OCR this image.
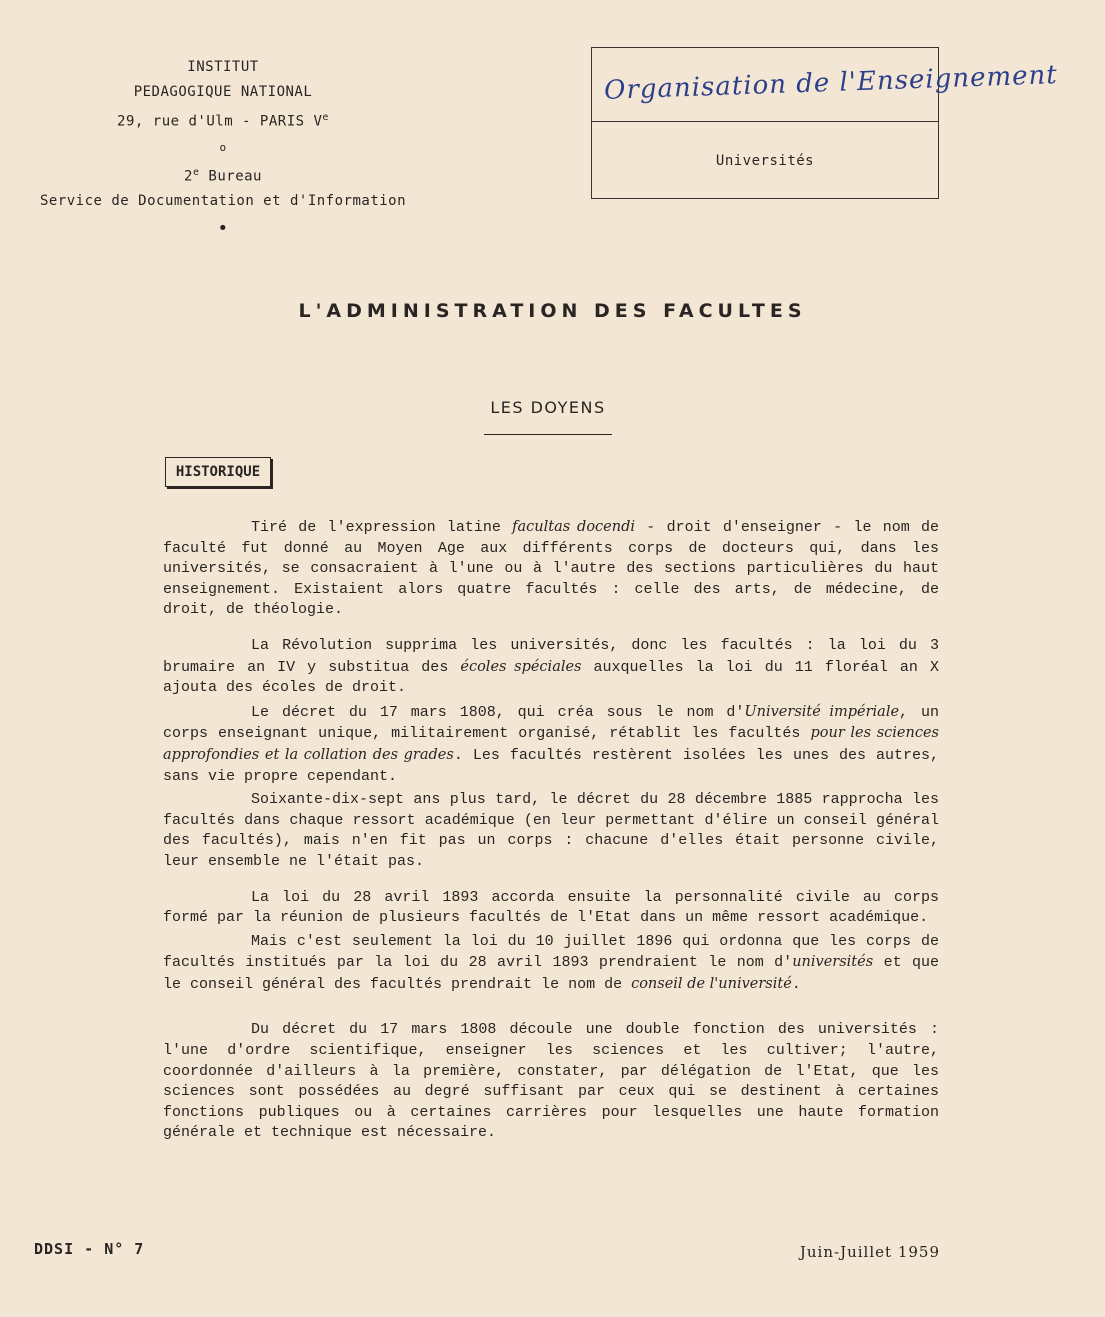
INSTITUT
PEDAGOGIQUE NATIONAL
29, rue d'Ulm - PARIS Ve
o
2e Bureau
Service de Documentation et d'Information
•
Organisation de l'Enseignement
Universités
L'ADMINISTRATION DES FACULTES
LES DOYENS
HISTORIQUE

Tiré de l'expression latine facultas docendi - droit d'enseigner - le nom de faculté fut donné au Moyen Age aux différents corps de docteurs qui, dans les universités, se consacraient à l'une ou à l'autre des sections particulières du haut enseignement. Existaient alors quatre facultés : celle des arts, de médecine, de droit, de théologie.

La Révolution supprima les universités, donc les facultés : la loi du 3 brumaire an IV y substitua des écoles spéciales auxquelles la loi du 11 floréal an X ajouta des écoles de droit.

Le décret du 17 mars 1808, qui créa sous le nom d'Université impériale, un corps enseignant unique, militairement organisé, rétablit les facultés pour les sciences approfondies et la collation des grades. Les facultés restèrent isolées les unes des autres, sans vie propre cependant.

Soixante-dix-sept ans plus tard, le décret du 28 décembre 1885 rapprocha les facultés dans chaque ressort académique (en leur permettant d'élire un conseil général des facultés), mais n'en fit pas un corps : chacune d'elles était personne civile, leur ensemble ne l'était pas.

La loi du 28 avril 1893 accorda ensuite la personnalité civile au corps formé par la réunion de plusieurs facultés de l'Etat dans un même ressort académique.

Mais c'est seulement la loi du 10 juillet 1896 qui ordonna que les corps de facultés institués par la loi du 28 avril 1893 prendraient le nom d'universités et que le conseil général des facultés prendrait le nom de conseil de l'université.

Du décret du 17 mars 1808 découle une double fonction des universités : l'une d'ordre scientifique, enseigner les sciences et les cultiver; l'autre, coordonnée d'ailleurs à la première, constater, par délégation de l'Etat, que les sciences sont possédées au degré suffisant par ceux qui se destinent à certaines fonctions publiques ou à certaines carrières pour lesquelles une haute formation générale et technique est nécessaire.

DDSI - N° 7	Juin-Juillet 1959
